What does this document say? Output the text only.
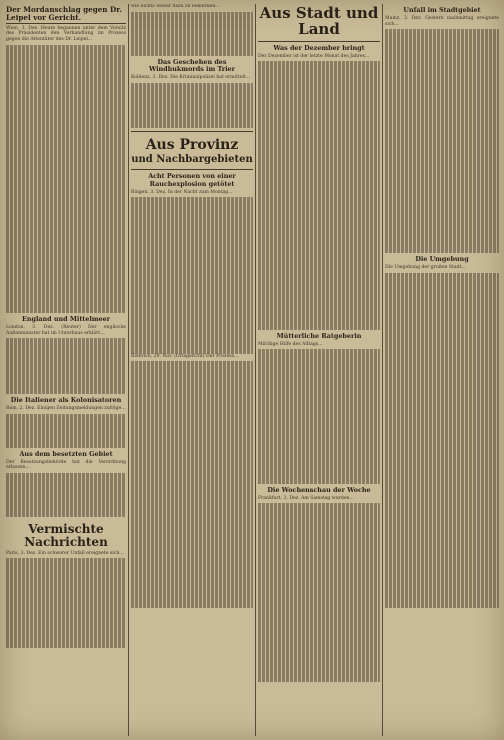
Der Mordanschlag gegen Dr. Leipel vor Gericht.

Wien, 3. Dez. Heute begannen unter dem Vorsitz des Präsidenten den Verhandlung im Prozess gegen die Attentäter des Dr. Leipel...

England und Mittelmeer

London, 3. Dez. (Reuter) Der englische Außenminister hat im Unterhaus erklärt...

Die Italiener als Kolonisatoren

Rom, 2. Dez. Einigen Zeitungsmeldungen zufolge...

Aus dem besetzten Gebiet

Der Besatzungsbehörde hat die Verordnung erlassen...

Vermischte Nachrichten

Paris, 3. Dez. Ein schwerer Unfall ereignete sich...

wie nichts weiter dazu zu bemerken...

Das Geschehen des Windhukmords im Trier

Koblenz, 3. Dez. Die Kriminalpolizei hat ermittelt...

Aus Provinz
und Nachbargebieten
Acht Personen von einer Rauchexplosion getötet

Bingen, 3. Dez. In der Nacht zum Montag...

Biebrich, 29. Nov. (Ortsgericht) Der Prozess...

Aus Stadt und Land
Was der Dezember bringt

Der Dezember ist der letzte Monat des Jahres...

Mütterliche Ratgeberin

Milchige Hilfe des Alltags...

Die Wochenschau der Woche

Frankfurt, 3. Dez. Am Samstag wurden...

Unfall im Stadtgebiet

Mainz, 3. Dez. Gestern nachmittag ereignete sich...

Die Umgebung

Die Umgebung der großen Stadt...
